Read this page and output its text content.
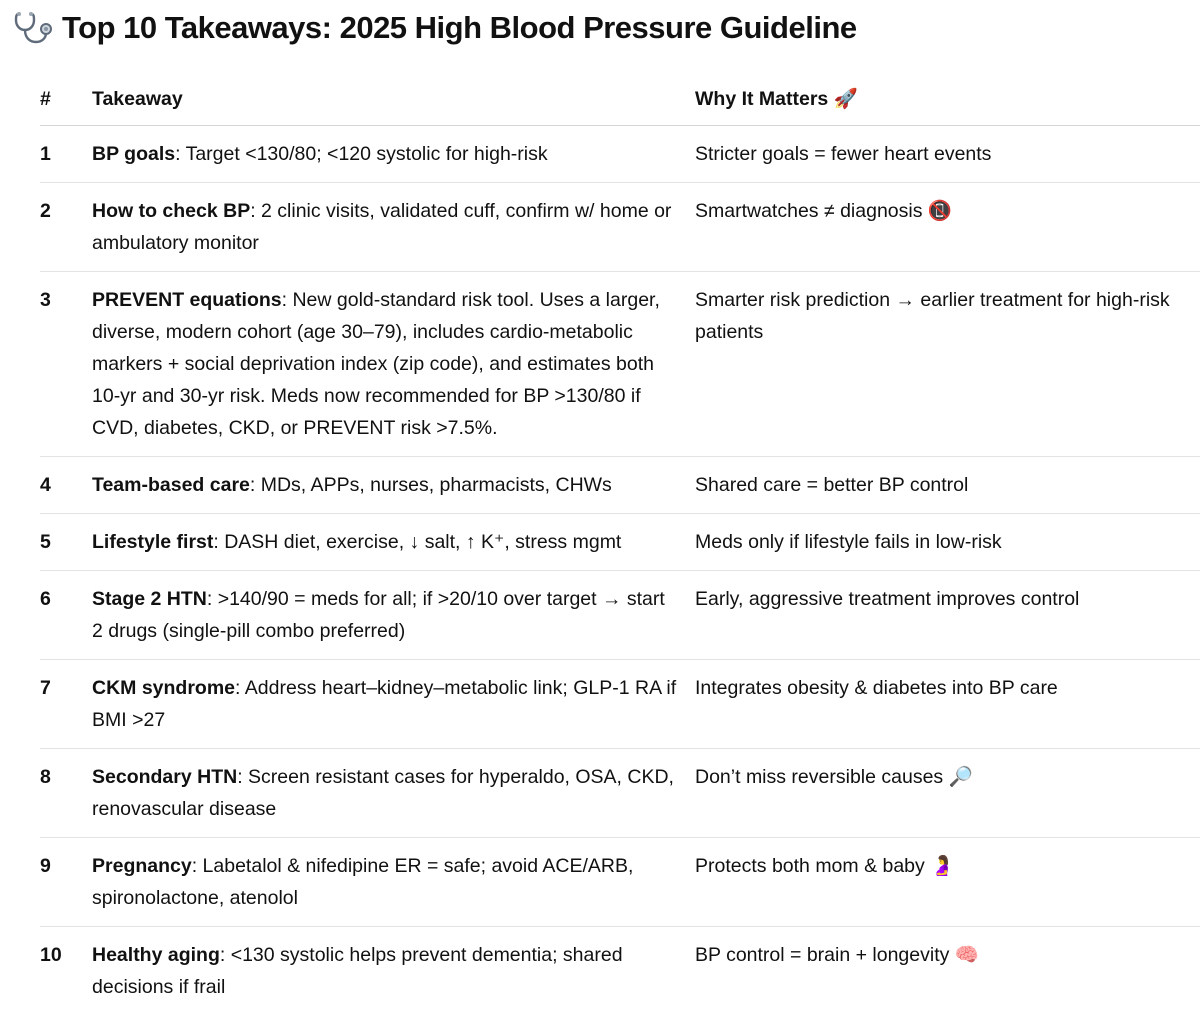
Top 10 Takeaways: 2025 High Blood Pressure Guideline
#	Takeaway	Why It Matters 🚀
1	BP goals: Target <130/80; <120 systolic for high-risk	Stricter goals = fewer heart events
2	How to check BP: 2 clinic visits, validated cuff, confirm w/ home or ambulatory monitor	Smartwatches ≠ diagnosis 📵
3	PREVENT equations: New gold-standard risk tool. Uses a larger, diverse, modern cohort (age 30–79), includes cardio-metabolic markers + social deprivation index (zip code), and estimates both 10-yr and 30-yr risk. Meds now recommended for BP >130/80 if CVD, diabetes, CKD, or PREVENT risk >7.5%.	Smarter risk prediction → earlier treatment for high-risk patients
4	Team-based care: MDs, APPs, nurses, pharmacists, CHWs	Shared care = better BP control
5	Lifestyle first: DASH diet, exercise, ↓ salt, ↑ K⁺, stress mgmt	Meds only if lifestyle fails in low-risk
6	Stage 2 HTN: >140/90 = meds for all; if >20/10 over target → start 2 drugs (single-pill combo preferred)	Early, aggressive treatment improves control
7	CKM syndrome: Address heart–kidney–metabolic link; GLP-1 RA if BMI >27	Integrates obesity & diabetes into BP care
8	Secondary HTN: Screen resistant cases for hyperaldo, OSA, CKD, renovascular disease	Don’t miss reversible causes 🔎
9	Pregnancy: Labetalol & nifedipine ER = safe; avoid ACE/ARB, spironolactone, atenolol	Protects both mom & baby 🤰
10	Healthy aging: <130 systolic helps prevent dementia; shared decisions if frail	BP control = brain + longevity 🧠
